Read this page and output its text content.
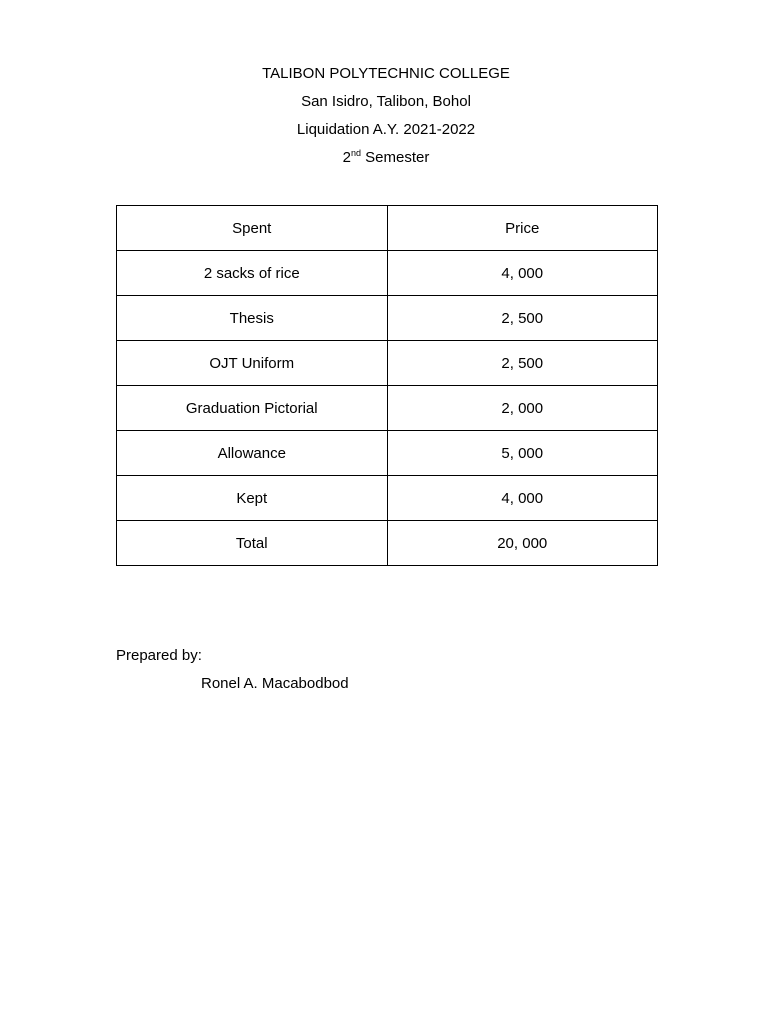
TALIBON POLYTECHNIC COLLEGE
San Isidro, Talibon, Bohol
Liquidation A.Y. 2021-2022
2nd Semester
Spent	Price
2 sacks of rice	4, 000
Thesis	2, 500
OJT Uniform	2, 500
Graduation Pictorial	2, 000
Allowance	5, 000
Kept	4, 000
Total	20, 000
Prepared by:
Ronel A. Macabodbod
